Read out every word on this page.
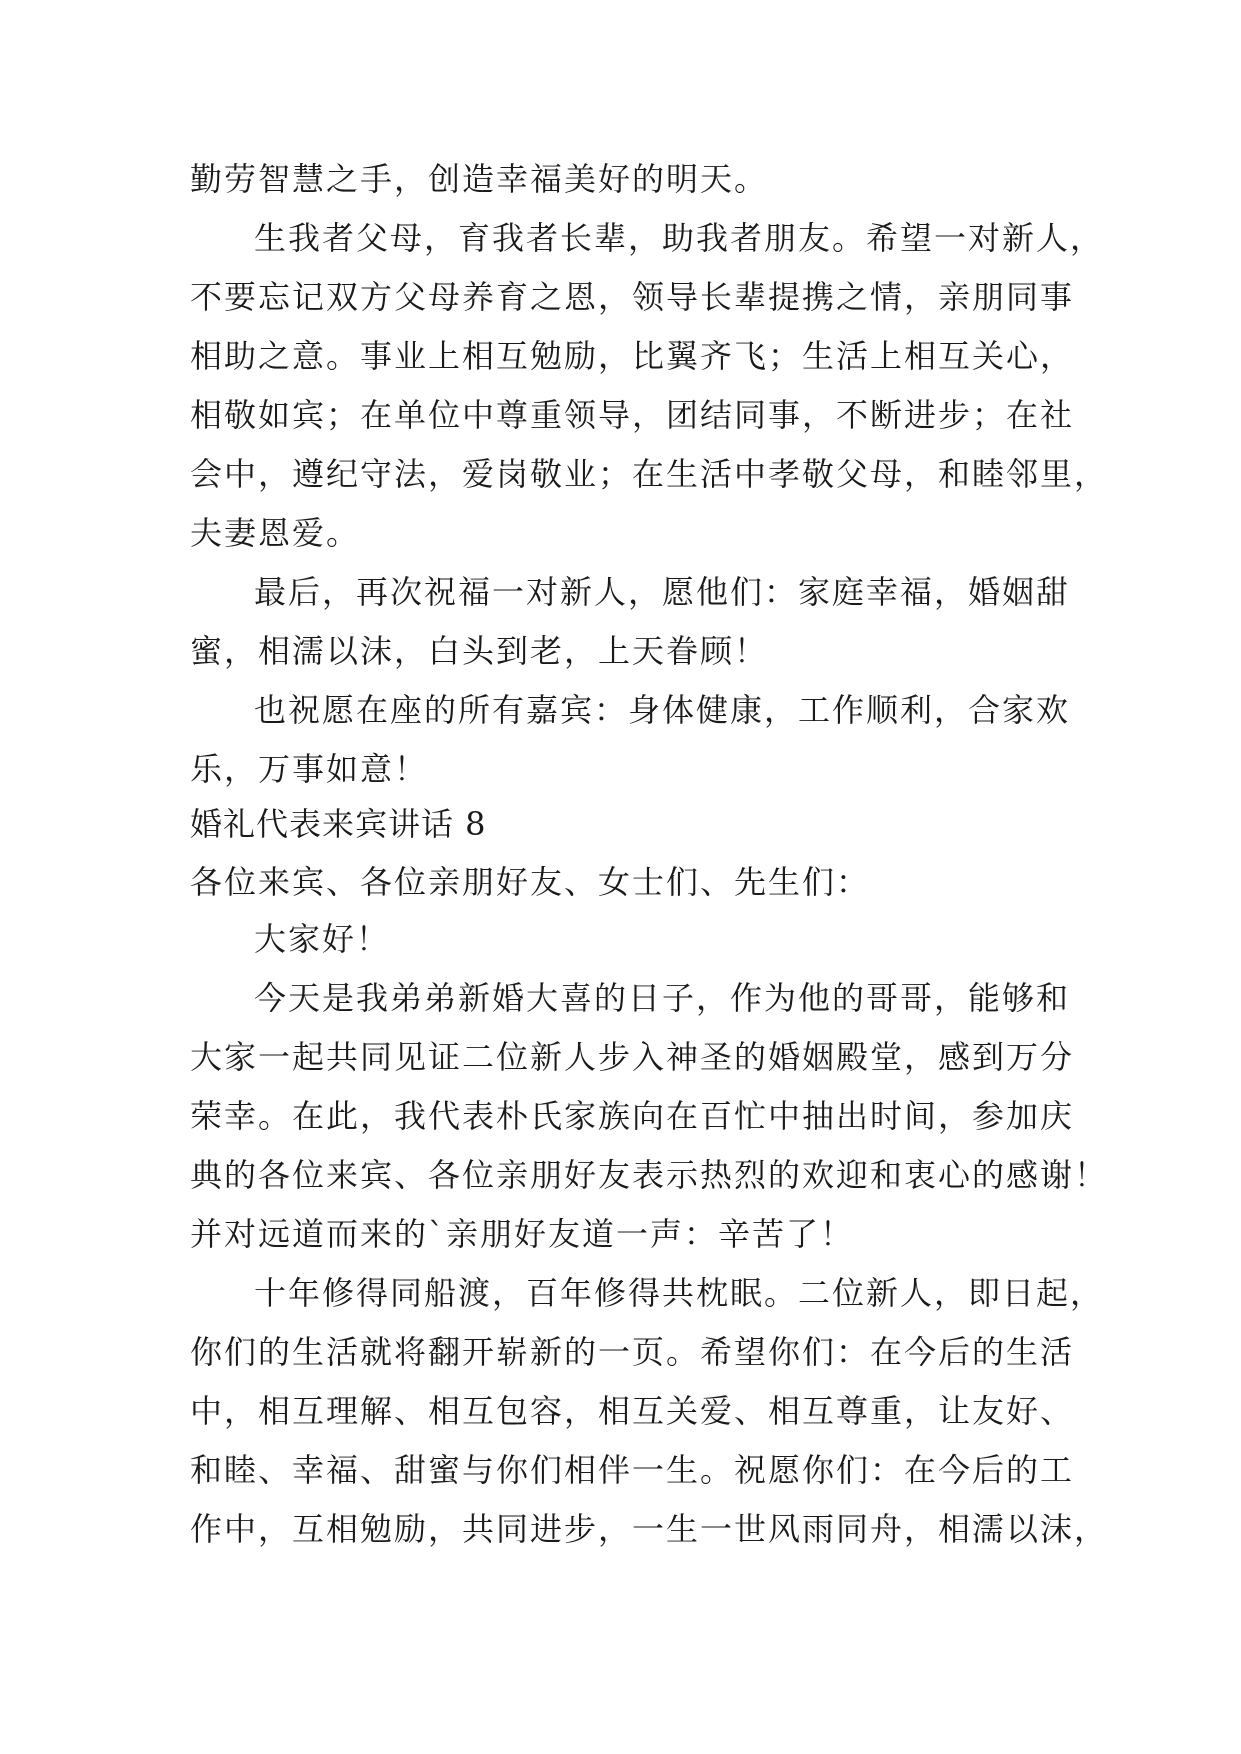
勤劳智慧之手，创造幸福美好的明天。
生我者父母，育我者长辈，助我者朋友。希望一对新人，
不要忘记双方父母养育之恩，领导长辈提携之情，亲朋同事
相助之意。事业上相互勉励，比翼齐飞；生活上相互关心，
相敬如宾；在单位中尊重领导，团结同事，不断进步；在社
会中，遵纪守法，爱岗敬业；在生活中孝敬父母，和睦邻里，
夫妻恩爱。
最后，再次祝福一对新人，愿他们：家庭幸福，婚姻甜
蜜，相濡以沫，白头到老，上天眷顾！
也祝愿在座的所有嘉宾：身体健康，工作顺利，合家欢
乐，万事如意！
婚礼代表来宾讲话 8
各位来宾、各位亲朋好友、女士们、先生们：
大家好！
今天是我弟弟新婚大喜的日子，作为他的哥哥，能够和
大家一起共同见证二位新人步入神圣的婚姻殿堂，感到万分
荣幸。在此，我代表朴氏家族向在百忙中抽出时间，参加庆
典的各位来宾、各位亲朋好友表示热烈的欢迎和衷心的感谢！
并对远道而来的`亲朋好友道一声：辛苦了！
十年修得同船渡，百年修得共枕眠。二位新人，即日起，
你们的生活就将翻开崭新的一页。希望你们：在今后的生活
中，相互理解、相互包容，相互关爱、相互尊重，让友好、
和睦、幸福、甜蜜与你们相伴一生。祝愿你们：在今后的工
作中，互相勉励，共同进步，一生一世风雨同舟，相濡以沫，
